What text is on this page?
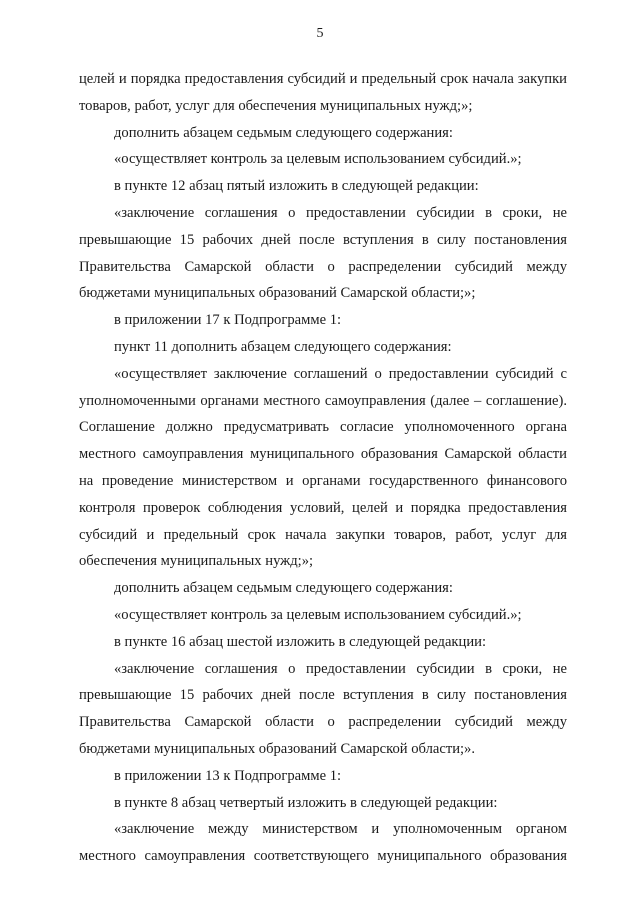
5

целей и порядка предоставления субсидий и предельный срок начала закупки товаров, работ, услуг для обеспечения муниципальных нужд;»;

дополнить абзацем седьмым следующего содержания:

«осуществляет контроль за целевым использованием субсидий.»;

в пункте 12 абзац пятый изложить в следующей редакции:

«заключение соглашения о предоставлении субсидии в сроки, не превышающие 15 рабочих дней после вступления в силу постановления Правительства Самарской области о распределении субсидий между бюджетами муниципальных образований Самарской области;»;

в приложении 17 к Подпрограмме 1:

пункт 11 дополнить абзацем следующего содержания:

«осуществляет заключение соглашений о предоставлении субсидий с уполномоченными органами местного самоуправления (далее – соглашение). Соглашение должно предусматривать согласие уполномоченного органа местного самоуправления муниципального образования Самарской области на проведение министерством и органами государственного финансового контроля проверок соблюдения условий, целей и порядка предоставления субсидий и предельный срок начала закупки товаров, работ, услуг для обеспечения муниципальных нужд;»;

дополнить абзацем седьмым следующего содержания:

«осуществляет контроль за целевым использованием субсидий.»;

в пункте 16 абзац шестой изложить в следующей редакции:

«заключение соглашения о предоставлении субсидии в сроки, не превышающие 15 рабочих дней после вступления в силу постановления Правительства Самарской области о распределении субсидий между бюджетами муниципальных образований Самарской области;».

в приложении 13 к Подпрограмме 1:

в пункте 8 абзац четвертый изложить в следующей редакции:

«заключение между министерством и уполномоченным органом местного самоуправления соответствующего муниципального образования
